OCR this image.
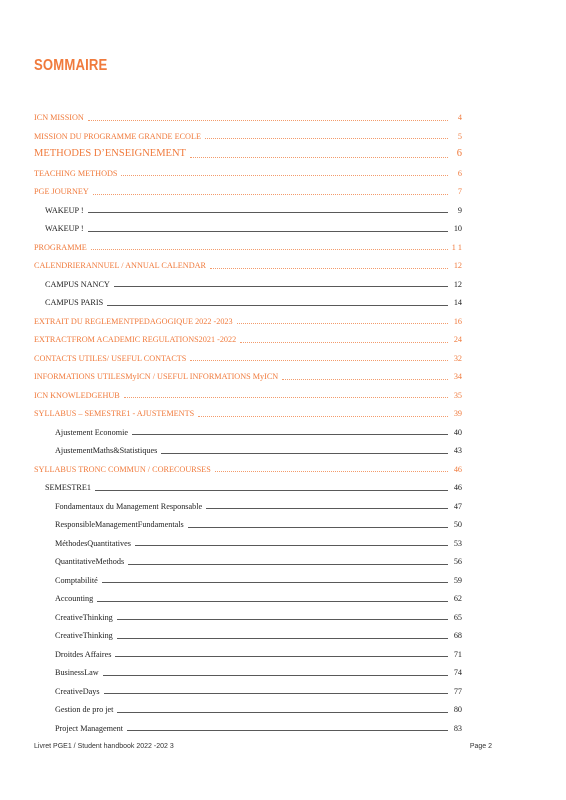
SOMMAIRE
ICN MISSION	4
MISSION DU PROGRAMME GRANDE ECOLE	5
METHODES D’ENSEIGNEMENT	6
TEACHING METHODS	6
PGE JOURNEY	7
WAKEUP !	9
WAKEUP !	10
PROGRAMME	1 1
CALENDRIERANNUEL / ANNUAL CALENDAR	12
CAMPUS NANCY	12
CAMPUS PARIS	14
EXTRAIT DU REGLEMENTPEDAGOGIQUE 2022 -2023	16
EXTRACTFROM ACADEMIC REGULATIONS2021 -2022	24
CONTACTS UTILES/ USEFUL CONTACTS	32
INFORMATIONS UTILESMyICN / USEFUL INFORMATIONS MyICN	34
ICN KNOWLEDGEHUB	35
SYLLABUS – SEMESTRE1 - AJUSTEMENTS	39
Ajustement Economie	40
AjustementMaths&Statistiques	43
SYLLABUS TRONC COMMUN / CORECOURSES	46
SEMESTRE1	46
Fondamentaux du Management Responsable	47
ResponsibleManagementFundamentals	50
MéthodesQuantitatives	53
QuantitativeMethods	56
Comptabilité	59
Accounting	62
CreativeThinking	65
CreativeThinking	68
Droitdes Affaires	71
BusinessLaw	74
CreativeDays	77
Gestion de pro jet	80
Project Management	83
Livret PGE1 / Student handbook 2022 -202 3	Page 2
